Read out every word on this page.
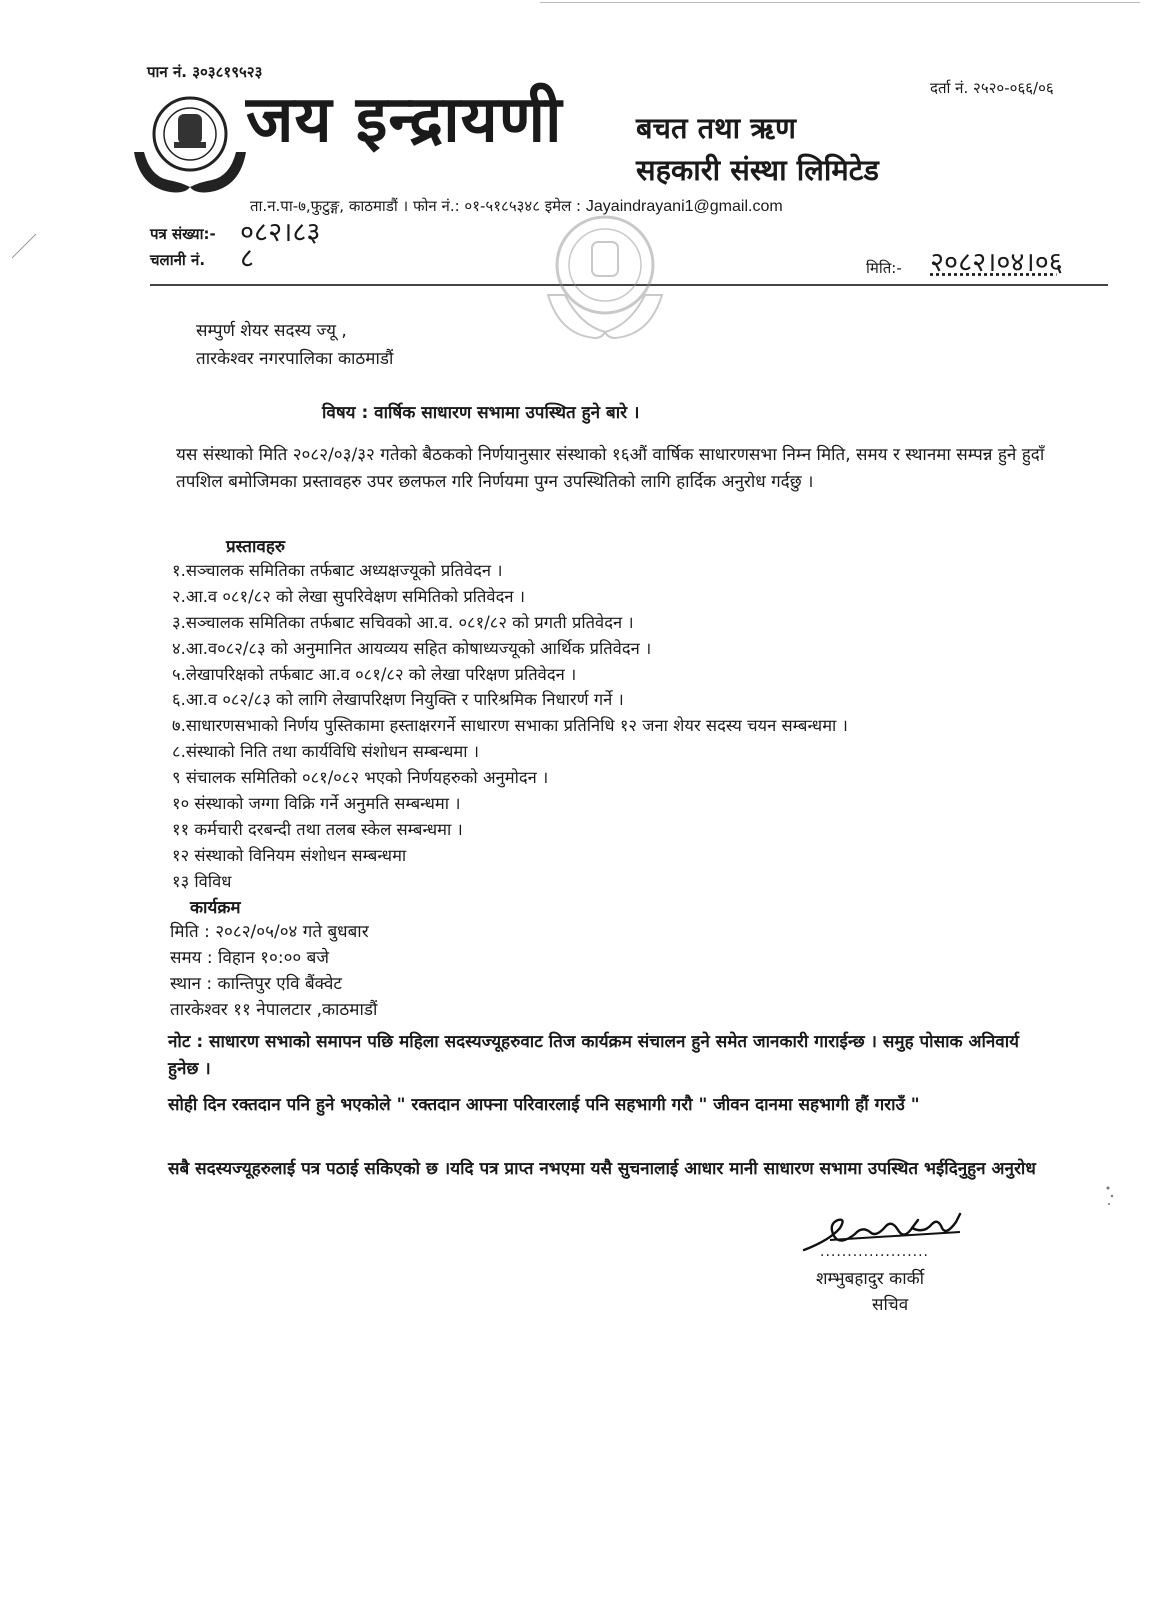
पान नं. ३०३८१९५२३
दर्ता नं. २५२०-०६६/०६
जय इन्द्रायणी	बचत तथा ऋण
सहकारी संस्था लिमिटेड
ता.न.पा-७,फुटुङ्ग, काठमाडौं । फोन नं.: ०१-५१८५३४८ इमेल : Jayaindrayani1@gmail.com
पत्र संख्या:- ०८२।८३
चलानी नं. ८	मिति:- २०८२।०४।०६
सम्पुर्ण शेयर सदस्य ज्यू ,
तारकेश्वर नगरपालिका काठमाडौं
विषय : वार्षिक साधारण सभामा उपस्थित हुने बारे ।
यस संस्थाको मिति २०८२/०३/३२ गतेको बैठकको निर्णयानुसार संस्थाको १६औं वार्षिक साधारणसभा निम्न मिति, समय र स्थानमा सम्पन्न हुने हुदाँ तपशिल बमोजिमका प्रस्तावहरु उपर छलफल गरि निर्णयमा पुग्न उपस्थितिको लागि हार्दिक अनुरोध गर्दछु ।
प्रस्तावहरु
१.सञ्चालक समितिका तर्फबाट अध्यक्षज्यूको प्रतिवेदन ।
२.आ.व ०८१/८२ को लेखा सुपरिवेक्षण समितिको प्रतिवेदन ।
३.सञ्चालक समितिका तर्फबाट सचिवको आ.व. ०८१/८२ को प्रगती प्रतिवेदन ।
४.आ.व०८२/८३ को अनुमानित आयव्यय सहित कोषाध्यज्यूको आर्थिक प्रतिवेदन ।
५.लेखापरिक्षको तर्फबाट आ.व ०८१/८२ को लेखा परिक्षण प्रतिवेदन ।
६.आ.व ०८२/८३ को लागि लेखापरिक्षण नियुक्ति र पारिश्रमिक निधारर्ण गर्ने ।
७.साधारणसभाको निर्णय पुस्तिकामा हस्ताक्षरगर्ने साधारण सभाका प्रतिनिधि १२ जना शेयर सदस्य चयन सम्बन्धमा ।
८.संस्थाको निति तथा कार्यविधि संशोधन सम्बन्धमा ।
९ संचालक समितिको ०८१/०८२ भएको निर्णयहरुको अनुमोदन ।
१० संस्थाको जग्गा विक्रि गर्ने अनुमति सम्बन्धमा ।
११ कर्मचारी दरबन्दी तथा तलब स्केल सम्बन्धमा ।
१२ संस्थाको विनियम संशोधन सम्बन्धमा
१३ विविध
कार्यक्रम
मिति : २०८२/०५/०४ गते बुधबार
समय : विहान १०:०० बजे
स्थान : कान्तिपुर एवि बैंक्वेट
तारकेश्वर ११ नेपालटार ,काठमाडौं
नोट : साधारण सभाको समापन पछि महिला सदस्यज्यूहरुवाट तिज कार्यक्रम संचालन हुने समेत जानकारी गाराईन्छ । समुह पोसाक अनिवार्य हुनेछ ।
सोही दिन रक्तदान पनि हुने भएकोले " रक्तदान आफ्ना परिवारलाई पनि सहभागी गरौ " जीवन दानमा सहभागी हौं गराउँ "
सबै सदस्यज्यूहरुलाई पत्र पठाई सकिएको छ ।यदि पत्र प्राप्त नभएमा यसै सुचनालाई आधार मानी साधारण सभामा उपस्थित भईदिनुहुन अनुरोध
....................
शम्भुबहादुर कार्की
सचिव
